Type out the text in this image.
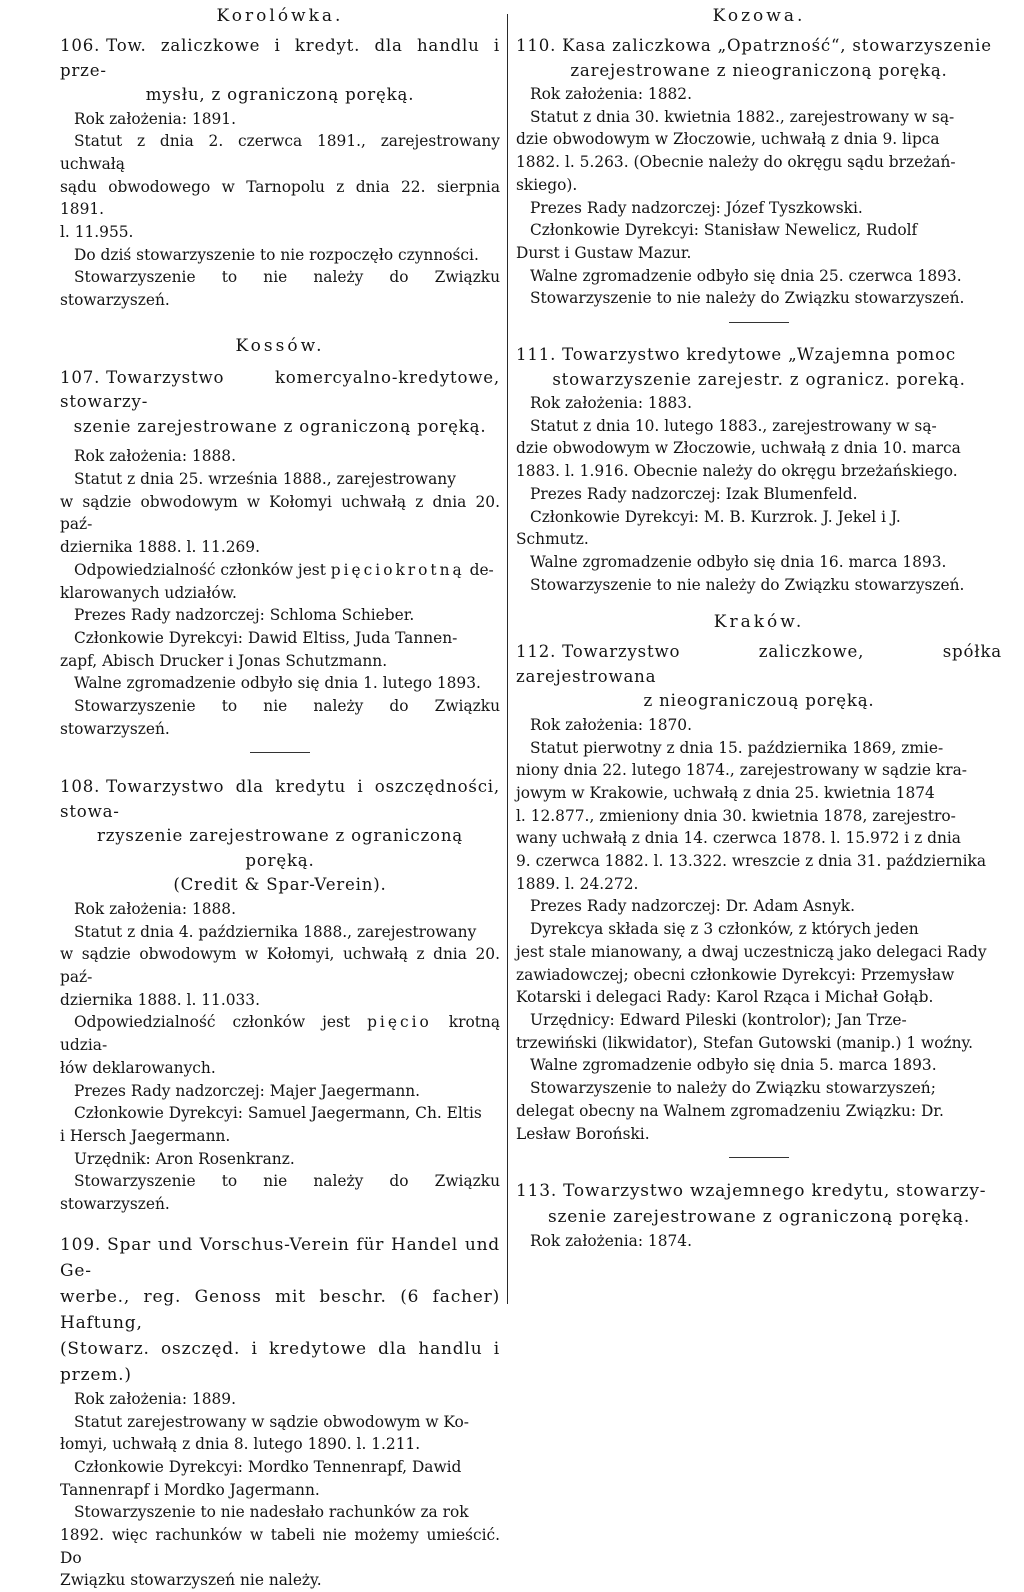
Korolówka.
106. Tow. zaliczkowe i kredyt. dla handlu i prze-
mysłu, z ograniczoną poręką.
Rok założenia: 1891.
Statut z dnia 2. czerwca 1891., zarejestrowany uchwałą
sądu obwodowego w Tarnopolu z dnia 22. sierpnia 1891.
l. 11.955.
Do dziś stowarzyszenie to nie rozpoczęło czynności.
Stowarzyszenie to nie należy do Związku stowarzyszeń.
Kossów.
107. Towarzystwo komercyalno-kredytowe, stowarzy-
szenie zarejestrowane z ograniczoną poręką.
Rok założenia: 1888.
Statut z dnia 25. września 1888., zarejestrowany
w sądzie obwodowym w Kołomyi uchwałą z dnia 20. paź-
dziernika 1888. l. 11.269.
Odpowiedzialność członków jest pięciokrotną de-
klarowanych udziałów.
Prezes Rady nadzorczej: Schloma Schieber.
Członkowie Dyrekcyi: Dawid Eltiss, Juda Tannen-
zapf, Abisch Drucker i Jonas Schutzmann.
Walne zgromadzenie odbyło się dnia 1. lutego 1893.
Stowarzyszenie to nie należy do Związku stowarzyszeń.
108. Towarzystwo dla kredytu i oszczędności, stowa-
rzyszenie zarejestrowane z ograniczoną poręką.
(Credit & Spar-Verein).
Rok założenia: 1888.
Statut z dnia 4. października 1888., zarejestrowany
w sądzie obwodowym w Kołomyi, uchwałą z dnia 20. paź-
dziernika 1888. l. 11.033.
Odpowiedzialność członków jest pięcio krotną udzia-
łów deklarowanych.
Prezes Rady nadzorczej: Majer Jaegermann.
Członkowie Dyrekcyi: Samuel Jaegermann, Ch. Eltis
i Hersch Jaegermann.
Urzędnik: Aron Rosenkranz.
Stowarzyszenie to nie należy do Związku stowarzyszeń.
109. Spar und Vorschus-Verein für Handel und Ge-
werbe., reg. Genoss mit beschr. (6 facher) Haftung,
(Stowarz. oszczęd. i kredytowe dla handlu i przem.)
Rok założenia: 1889.
Statut zarejestrowany w sądzie obwodowym w Ko-
łomyi, uchwałą z dnia 8. lutego 1890. l. 1.211.
Członkowie Dyrekcyi: Mordko Tennenrapf, Dawid
Tannenrapf i Mordko Jagermann.
Stowarzyszenie to nie nadesłało rachunków za rok
1892. więc rachunków w tabeli nie możemy umieścić. Do
Związku stowarzyszeń nie należy.
Kozowa.
110. Kasa zaliczkowa „Opatrzność“, stowarzyszenie
zarejestrowane z nieograniczoną poręką.
Rok założenia: 1882.
Statut z dnia 30. kwietnia 1882., zarejestrowany w są-
dzie obwodowym w Złoczowie, uchwałą z dnia 9. lipca
1882. l. 5.263. (Obecnie należy do okręgu sądu brzeżań-
skiego).
Prezes Rady nadzorczej: Józef Tyszkowski.
Członkowie Dyrekcyi: Stanisław Newelicz, Rudolf
Durst i Gustaw Mazur.
Walne zgromadzenie odbyło się dnia 25. czerwca 1893.
Stowarzyszenie to nie należy do Związku stowarzyszeń.
111. Towarzystwo kredytowe „Wzajemna pomoc
stowarzyszenie zarejestr. z ogranicz. poreką.
Rok założenia: 1883.
Statut z dnia 10. lutego 1883., zarejestrowany w są-
dzie obwodowym w Złoczowie, uchwałą z dnia 10. marca
1883. l. 1.916. Obecnie należy do okręgu brzeżańskiego.
Prezes Rady nadzorczej: Izak Blumenfeld.
Członkowie Dyrekcyi: M. B. Kurzrok. J. Jekel i J.
Schmutz.
Walne zgromadzenie odbyło się dnia 16. marca 1893.
Stowarzyszenie to nie należy do Związku stowarzyszeń.
Kraków.
112. Towarzystwo zaliczkowe, spółka zarejestrowana
z nieograniczouą poręką.
Rok założenia: 1870.
Statut pierwotny z dnia 15. października 1869, zmie-
niony dnia 22. lutego 1874., zarejestrowany w sądzie kra-
jowym w Krakowie, uchwałą z dnia 25. kwietnia 1874
l. 12.877., zmieniony dnia 30. kwietnia 1878, zarejestro-
wany uchwałą z dnia 14. czerwca 1878. l. 15.972 i z dnia
9. czerwca 1882. l. 13.322. wreszcie z dnia 31. października
1889. l. 24.272.
Prezes Rady nadzorczej: Dr. Adam Asnyk.
Dyrekcya składa się z 3 członków, z których jeden
jest stale mianowany, a dwaj uczestniczą jako delegaci Rady
zawiadowczej; obecni członkowie Dyrekcyi: Przemysław
Kotarski i delegaci Rady: Karol Rząca i Michał Gołąb.
Urzędnicy: Edward Pileski (kontrolor); Jan Trze-
trzewiński (likwidator), Stefan Gutowski (manip.) 1 woźny.
Walne zgromadzenie odbyło się dnia 5. marca 1893.
Stowarzyszenie to należy do Związku stowarzyszeń;
delegat obecny na Walnem zgromadzeniu Związku: Dr.
Lesław Boroński.
113. Towarzystwo wzajemnego kredytu, stowarzy-
szenie zarejestrowane z ograniczoną poręką.
Rok założenia: 1874.
